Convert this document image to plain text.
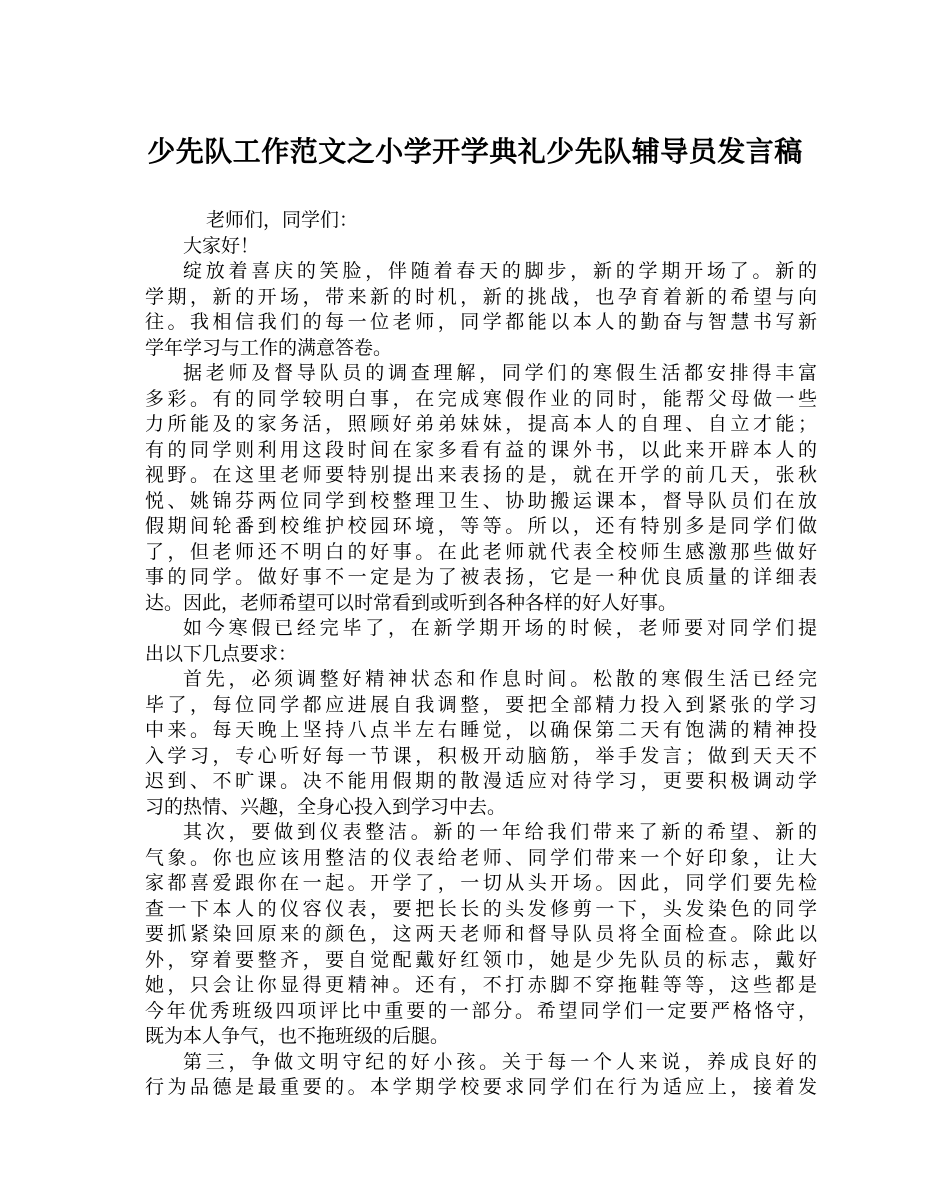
少先队工作范文之小学开学典礼少先队辅导员发言稿
老师们，同学们：
大家好！
绽放着喜庆的笑脸，伴随着春天的脚步，新的学期开场了。新的
学期，新的开场，带来新的时机，新的挑战，也孕育着新的希望与向
往。我相信我们的每一位老师，同学都能以本人的勤奋与智慧书写新
学年学习与工作的满意答卷。
据老师及督导队员的调查理解，同学们的寒假生活都安排得丰富
多彩。有的同学较明白事，在完成寒假作业的同时，能帮父母做一些
力所能及的家务活，照顾好弟弟妹妹，提高本人的自理、自立才能；
有的同学则利用这段时间在家多看有益的课外书，以此来开辟本人的
视野。在这里老师要特别提出来表扬的是，就在开学的前几天，张秋
悦、姚锦芬两位同学到校整理卫生、协助搬运课本，督导队员们在放
假期间轮番到校维护校园环境，等等。所以，还有特别多是同学们做
了，但老师还不明白的好事。在此老师就代表全校师生感激那些做好
事的同学。做好事不一定是为了被表扬，它是一种优良质量的详细表
达。因此，老师希望可以时常看到或听到各种各样的好人好事。
如今寒假已经完毕了，在新学期开场的时候，老师要对同学们提
出以下几点要求：
首先，必须调整好精神状态和作息时间。松散的寒假生活已经完
毕了，每位同学都应进展自我调整，要把全部精力投入到紧张的学习
中来。每天晚上坚持八点半左右睡觉，以确保第二天有饱满的精神投
入学习，专心听好每一节课，积极开动脑筋，举手发言；做到天天不
迟到、不旷课。决不能用假期的散漫适应对待学习，更要积极调动学
习的热情、兴趣，全身心投入到学习中去。
其次，要做到仪表整洁。新的一年给我们带来了新的希望、新的
气象。你也应该用整洁的仪表给老师、同学们带来一个好印象，让大
家都喜爱跟你在一起。开学了，一切从头开场。因此，同学们要先检
查一下本人的仪容仪表，要把长长的头发修剪一下，头发染色的同学
要抓紧染回原来的颜色，这两天老师和督导队员将全面检查。除此以
外，穿着要整齐，要自觉配戴好红领巾，她是少先队员的标志，戴好
她，只会让你显得更精神。还有，不打赤脚不穿拖鞋等等，这些都是
今年优秀班级四项评比中重要的一部分。希望同学们一定要严格恪守，
既为本人争气，也不拖班级的后腿。
第三，争做文明守纪的好小孩。关于每一个人来说，养成良好的
行为品德是最重要的。本学期学校要求同学们在行为适应上，接着发
